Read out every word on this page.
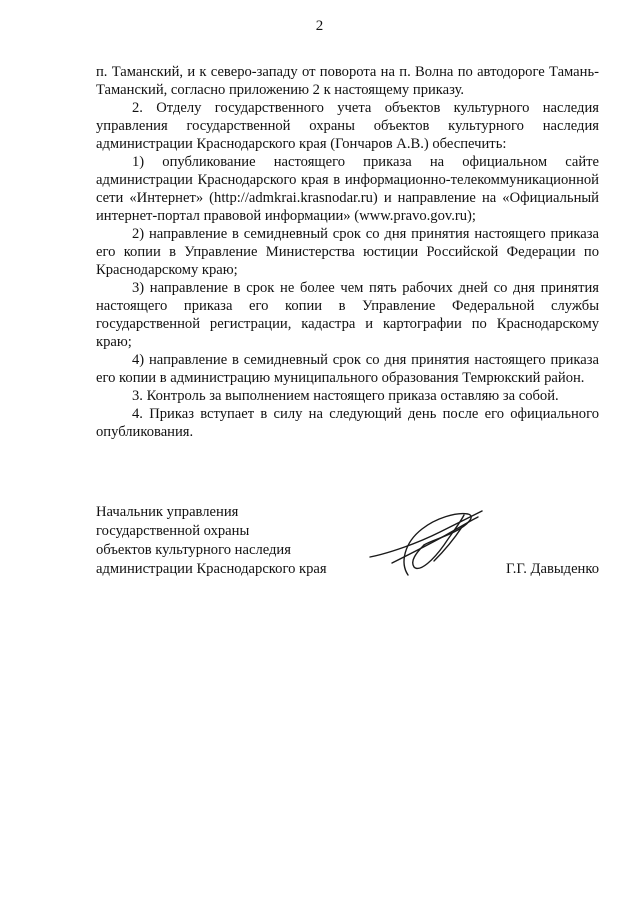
2

п. Таманский, и к северо-западу от поворота на п. Волна по автодороге Тамань-Таманский, согласно приложению 2 к настоящему приказу.

2. Отделу государственного учета объектов культурного наследия управления государственной охраны объектов культурного наследия администрации Краснодарского края (Гончаров А.В.) обеспечить:

1) опубликование настоящего приказа на официальном сайте администрации Краснодарского края в информационно-телекоммуникационной сети «Интернет» (http://admkrai.krasnodar.ru) и направление на «Официальный интернет-портал правовой информации» (www.pravo.gov.ru);

2) направление в семидневный срок со дня принятия настоящего приказа его копии в Управление Министерства юстиции Российской Федерации по Краснодарскому краю;

3) направление в срок не более чем пять рабочих дней со дня принятия настоящего приказа его копии в Управление Федеральной службы государственной регистрации, кадастра и картографии по Краснодарскому краю;

4) направление в семидневный срок со дня принятия настоящего приказа его копии в администрацию муниципального образования Темрюкский район.

3. Контроль за выполнением настоящего приказа оставляю за собой.

4. Приказ вступает в силу на следующий день после его официального опубликования.

Начальник управления
государственной охраны
объектов культурного наследия
администрации Краснодарского края	Г.Г. Давыденко
